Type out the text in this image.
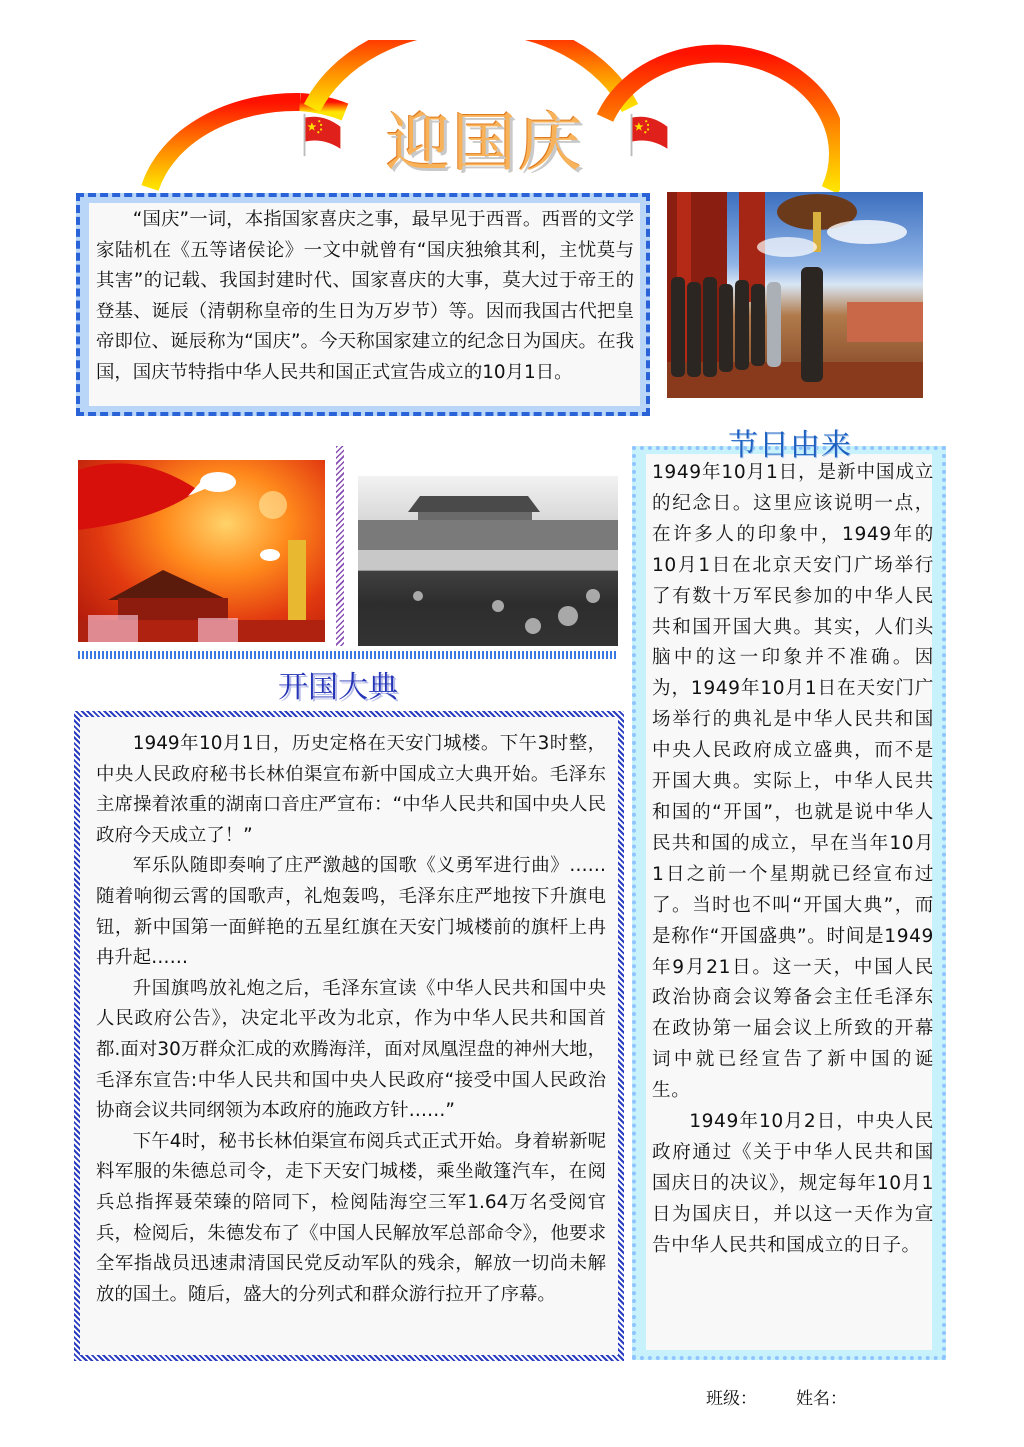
迎国庆

“国庆”一词，本指国家喜庆之事，最早见于西晋。西晋的文学家陆机在《五等诸侯论》一文中就曾有“国庆独飨其利，主忧莫与其害”的记载、我国封建时代、国家喜庆的大事，莫大过于帝王的登基、诞辰（清朝称皇帝的生日为万岁节）等。因而我国古代把皇帝即位、诞辰称为“国庆”。今天称国家建立的纪念日为国庆。在我国，国庆节特指中华人民共和国正式宣告成立的10月1日。

1949年10月1日，是新中国成立的纪念日。这里应该说明一点，在许多人的印象中，1949年的10月1日在北京天安门广场举行了有数十万军民参加的中华人民共和国开国大典。其实，人们头脑中的这一印象并不准确。因为，1949年10月1日在天安门广场举行的典礼是中华人民共和国中央人民政府成立盛典，而不是开国大典。实际上，中华人民共和国的“开国”，也就是说中华人民共和国的成立，早在当年10月1日之前一个星期就已经宣布过了。当时也不叫“开国大典”，而是称作“开国盛典”。时间是1949年9月21日。这一天，中国人民政治协商会议筹备会主任毛泽东在政协第一届会议上所致的开幕词中就已经宣告了新中国的诞生。

1949年10月2日，中央人民政府通过《关于中华人民共和国国庆日的决议》，规定每年10月1日为国庆日，并以这一天作为宣告中华人民共和国成立的日子。

节日由来
开国大典

1949年10月1日，历史定格在天安门城楼。下午3时整，中央人民政府秘书长林伯渠宣布新中国成立大典开始。毛泽东主席操着浓重的湖南口音庄严宣布：“中华人民共和国中央人民政府今天成立了！”

军乐队随即奏响了庄严激越的国歌《义勇军进行曲》……随着响彻云霄的国歌声，礼炮轰鸣，毛泽东庄严地按下升旗电钮，新中国第一面鲜艳的五星红旗在天安门城楼前的旗杆上冉冉升起……

升国旗鸣放礼炮之后，毛泽东宣读《中华人民共和国中央人民政府公告》，决定北平改为北京，作为中华人民共和国首都.面对30万群众汇成的欢腾海洋，面对凤凰涅盘的神州大地，毛泽东宣告:中华人民共和国中央人民政府“接受中国人民政治协商会议共同纲领为本政府的施政方针……”

下午4时，秘书长林伯渠宣布阅兵式正式开始。身着崭新呢料军服的朱德总司令，走下天安门城楼，乘坐敞篷汽车，在阅兵总指挥聂荣臻的陪同下，检阅陆海空三军1.64万名受阅官兵，检阅后，朱德发布了《中国人民解放军总部命令》，他要求全军指战员迅速肃清国民党反动军队的残余，解放一切尚未解放的国土。随后，盛大的分列式和群众游行拉开了序幕。

班级： 姓名：
